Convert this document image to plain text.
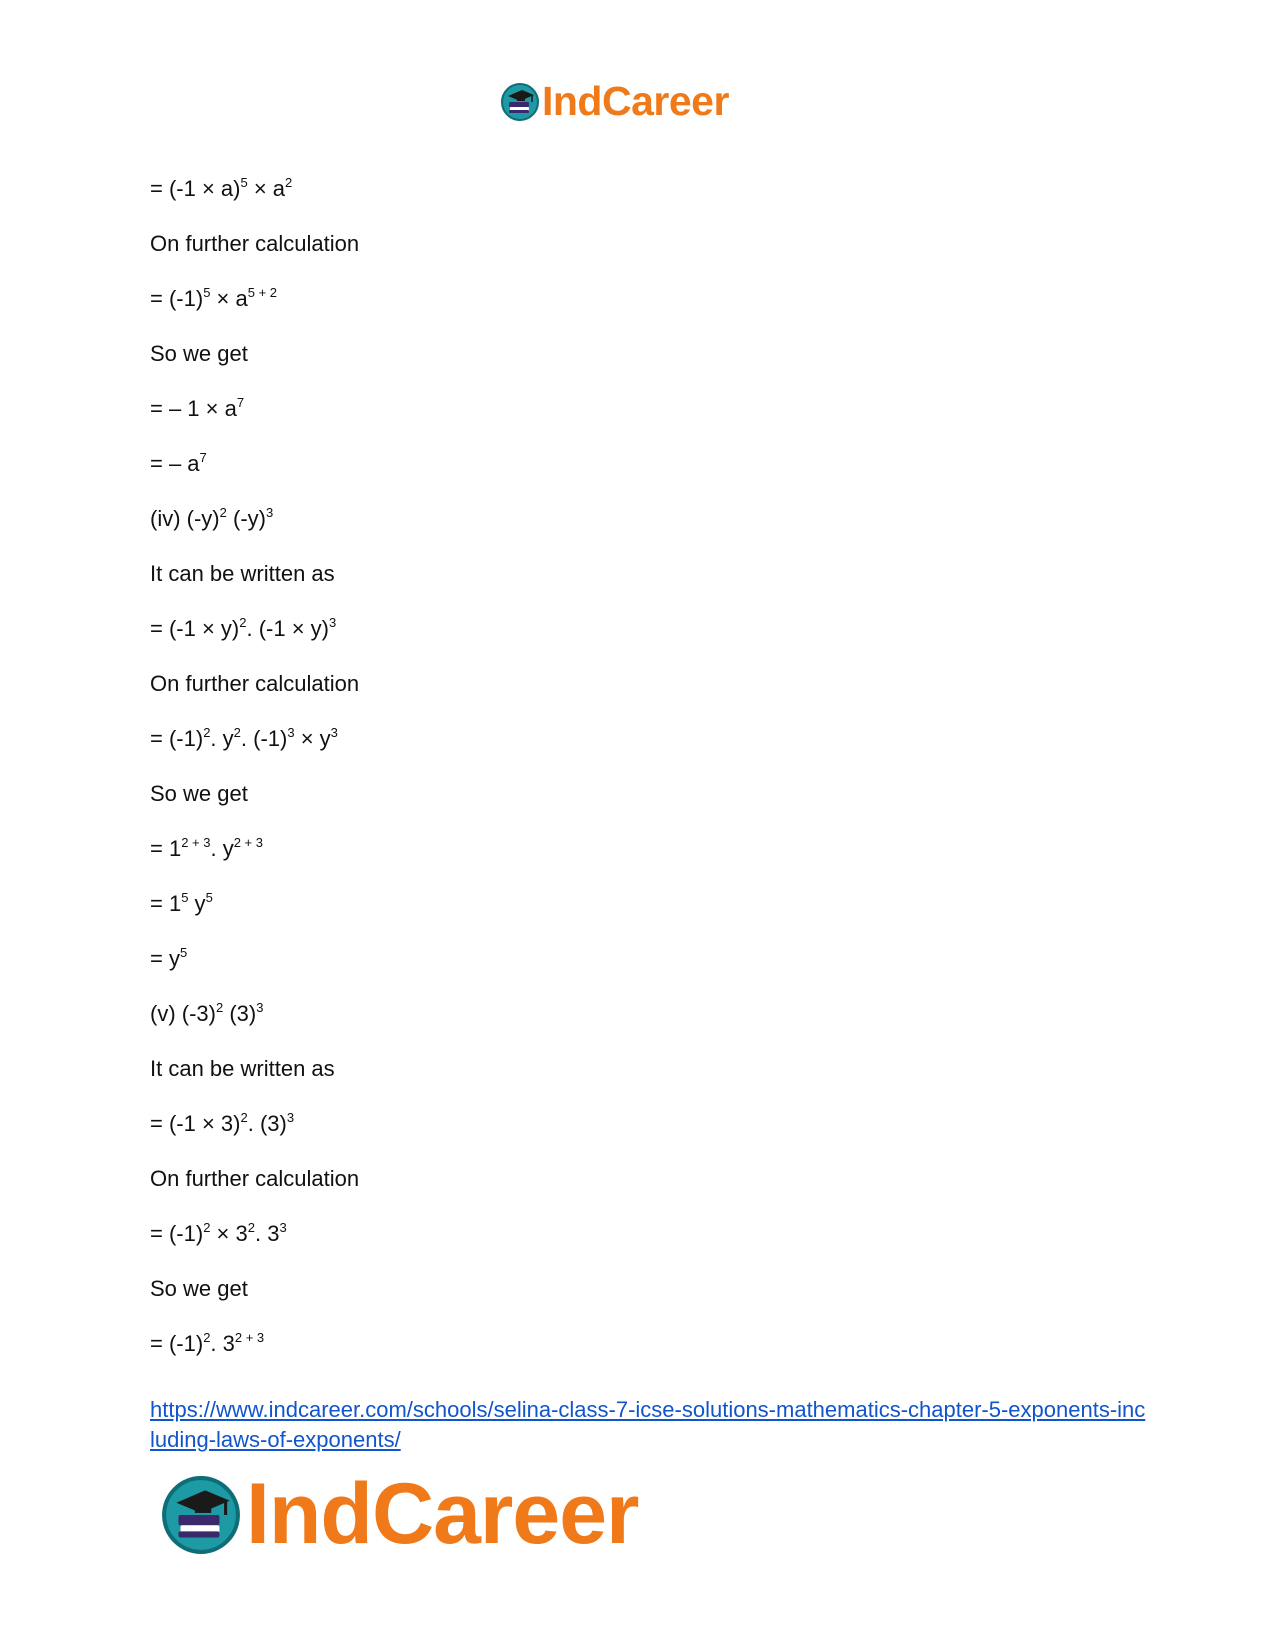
IndCareer
= $(-1 \times a)^5 \times a^2$
On further calculation
= $(-1)^5 \times a^{5 + 2}$
So we get
= – $1 \times a^7$
= – $a^7$
(iv) $(-y)^2$ $(-y)^3$
It can be written as
= $(-1 \times y)^2$. $(-1 \times y)^3$
On further calculation
= $(-1)^2$. $y^2$. $(-1)^3 \times y^3$
So we get
= $1^{2 + 3}$. $y^{2 + 3}$
= $1^5$ $y^5$
= $y^5$
(v) $(-3)^2$ $(3)^3$
It can be written as
= $(-1 \times 3)^2$. $(3)^3$
On further calculation
= $(-1)^2 \times 3^2$. $3^3$
So we get
= $(-1)^2$. $3^{2 + 3}$
https://www.indcareer.com/schools/selina-class-7-icse-solutions-mathematics-chapter-5-exponents-including-laws-of-exponents/
IndCareer
